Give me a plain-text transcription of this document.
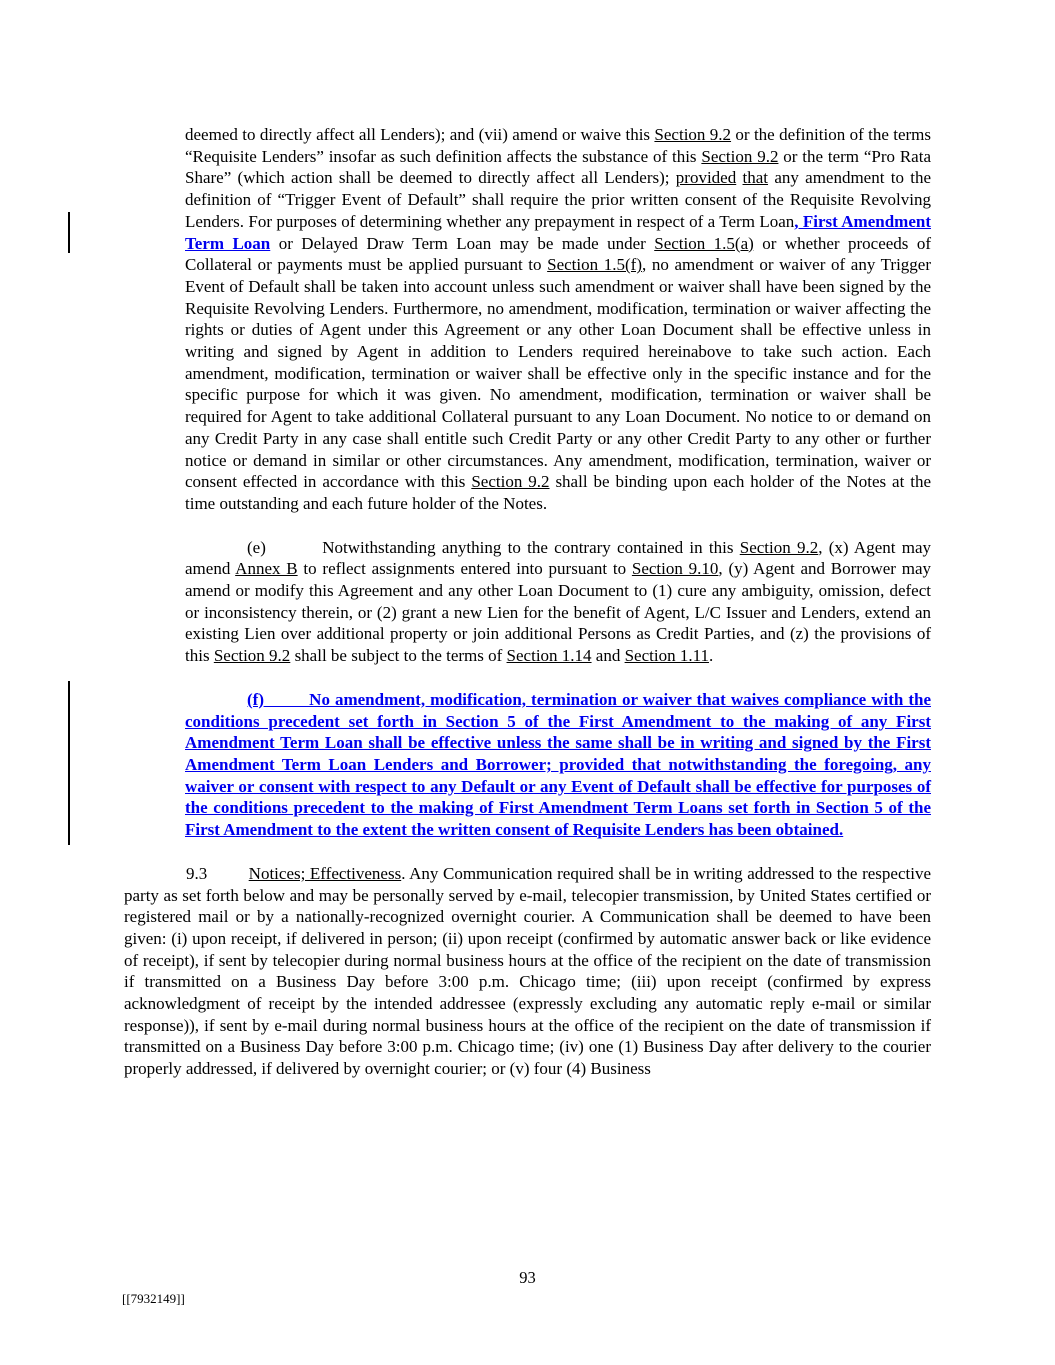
deemed to directly affect all Lenders); and (vii) amend or waive this Section 9.2 or the definition of the terms “Requisite Lenders” insofar as such definition affects the substance of this Section 9.2 or the term “Pro Rata Share” (which action shall be deemed to directly affect all Lenders); provided that any amendment to the definition of “Trigger Event of Default” shall require the prior written consent of the Requisite Revolving Lenders. For purposes of determining whether any prepayment in respect of a Term Loan, First Amendment Term Loan or Delayed Draw Term Loan may be made under Section 1.5(a) or whether proceeds of Collateral or payments must be applied pursuant to Section 1.5(f), no amendment or waiver of any Trigger Event of Default shall be taken into account unless such amendment or waiver shall have been signed by the Requisite Revolving Lenders. Furthermore, no amendment, modification, termination or waiver affecting the rights or duties of Agent under this Agreement or any other Loan Document shall be effective unless in writing and signed by Agent in addition to Lenders required hereinabove to take such action. Each amendment, modification, termination or waiver shall be effective only in the specific instance and for the specific purpose for which it was given. No amendment, modification, termination or waiver shall be required for Agent to take additional Collateral pursuant to any Loan Document. No notice to or demand on any Credit Party in any case shall entitle such Credit Party or any other Credit Party to any other or further notice or demand in similar or other circumstances. Any amendment, modification, termination, waiver or consent effected in accordance with this Section 9.2 shall be binding upon each holder of the Notes at the time outstanding and each future holder of the Notes.

(e)         Notwithstanding anything to the contrary contained in this Section 9.2, (x) Agent may amend Annex B to reflect assignments entered into pursuant to Section 9.10, (y) Agent and Borrower may amend or modify this Agreement and any other Loan Document to (1) cure any ambiguity, omission, defect or inconsistency therein, or (2) grant a new Lien for the benefit of Agent, L/C Issuer and Lenders, extend an existing Lien over additional property or join additional Persons as Credit Parties, and (z) the provisions of this Section 9.2 shall be subject to the terms of Section 1.14 and Section 1.11.

(f)         No amendment, modification, termination or waiver that waives compliance with the conditions precedent set forth in Section 5 of the First Amendment to the making of any First Amendment Term Loan shall be effective unless the same shall be in writing and signed by the First Amendment Term Loan Lenders and Borrower; provided that notwithstanding the foregoing, any waiver or consent with respect to any Default or any Event of Default shall be effective for purposes of the conditions precedent to the making of First Amendment Term Loans set forth in Section 5 of the First Amendment to the extent the written consent of Requisite Lenders has been obtained.

9.3         Notices; Effectiveness. Any Communication required shall be in writing addressed to the respective party as set forth below and may be personally served by e-mail, telecopier transmission, by United States certified or registered mail or by a nationally-recognized overnight courier. A Communication shall be deemed to have been given: (i) upon receipt, if delivered in person; (ii) upon receipt (confirmed by automatic answer back or like evidence of receipt), if sent by telecopier during normal business hours at the office of the recipient on the date of transmission if transmitted on a Business Day before 3:00 p.m. Chicago time; (iii) upon receipt (confirmed by express acknowledgment of receipt by the intended addressee (expressly excluding any automatic reply e-mail or similar response)), if sent by e-mail during normal business hours at the office of the recipient on the date of transmission if transmitted on a Business Day before 3:00 p.m. Chicago time; (iv) one (1) Business Day after delivery to the courier properly addressed, if delivered by overnight courier; or (v) four (4) Business

93
[[7932149]]
